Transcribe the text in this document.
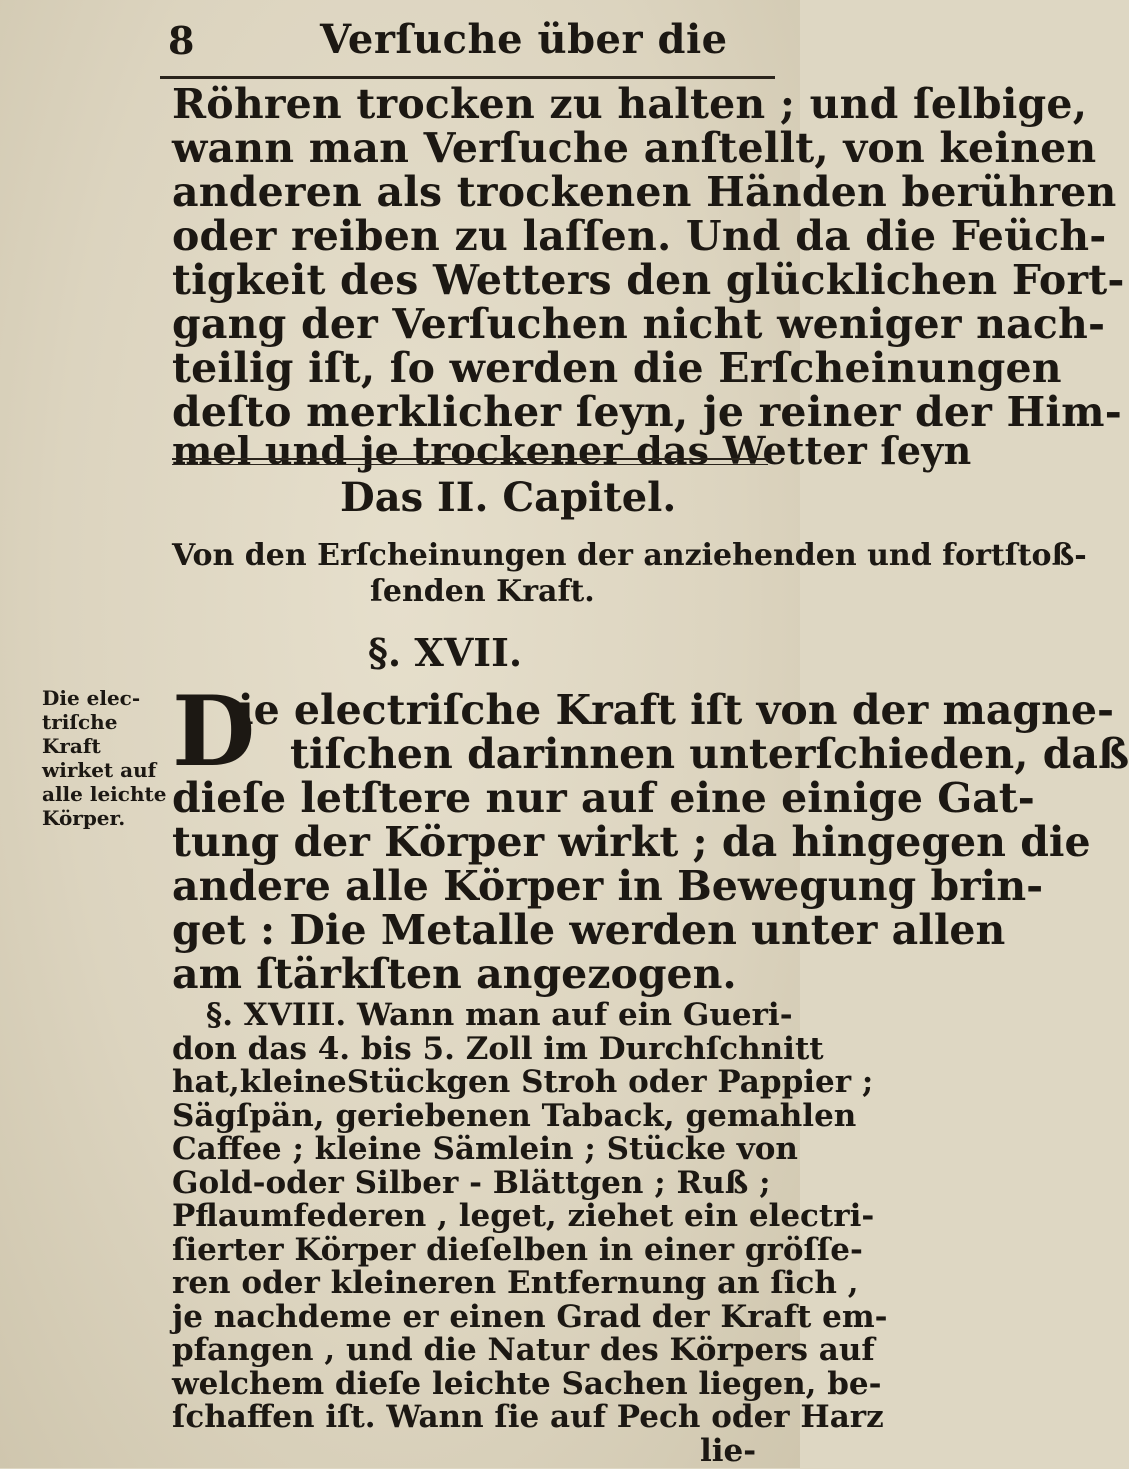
8	Verſuche über die
Röhren trocken zu halten ; und ſelbige,
wann man Verſuche anſtellt, von keinen
anderen als trockenen Händen berühren
oder reiben zu laſſen. Und da die Feüch-
tigkeit des Wetters den glücklichen Fort-
gang der Verſuchen nicht weniger nach-
teilig iſt, ſo werden die Erſcheinungen
deſto merklicher ſeyn, je reiner der Him-
mel und je trockener das Wetter ſeyn
Das II. Capitel.
Von den Erſcheinungen der anziehenden und fortſtoß-
ſenden Kraft.
§. XVII.
Die elec-
triſche
Kraft
wirket auf
alle leichte
Körper.
D
ie electriſche Kraft iſt von der magne-
tiſchen darinnen unterſchieden, daß
dieſe letſtere nur auf eine einige Gat-
tung der Körper wirkt ; da hingegen die
andere alle Körper in Bewegung brin-
get : Die Metalle werden unter allen
am ſtärkſten angezogen.
§. XVIII. Wann man auf ein Gueri-
don das 4. bis 5. Zoll im Durchſchnitt
hat,kleineStückgen Stroh oder Pappier ;
Sägſpän, geriebenen Taback, gemahlen
Caffee ; kleine Sämlein ; Stücke von
Gold-oder Silber - Blättgen ; Ruß ;
Pflaumfederen , leget, ziehet ein electri-
ſierter Körper dieſelben in einer gröſſe-
ren oder kleineren Entfernung an ſich ,
je nachdeme er einen Grad der Kraft em-
pfangen , und die Natur des Körpers auf
welchem dieſe leichte Sachen liegen, be-
ſchaffen iſt. Wann ſie auf Pech oder Harz
lie-
